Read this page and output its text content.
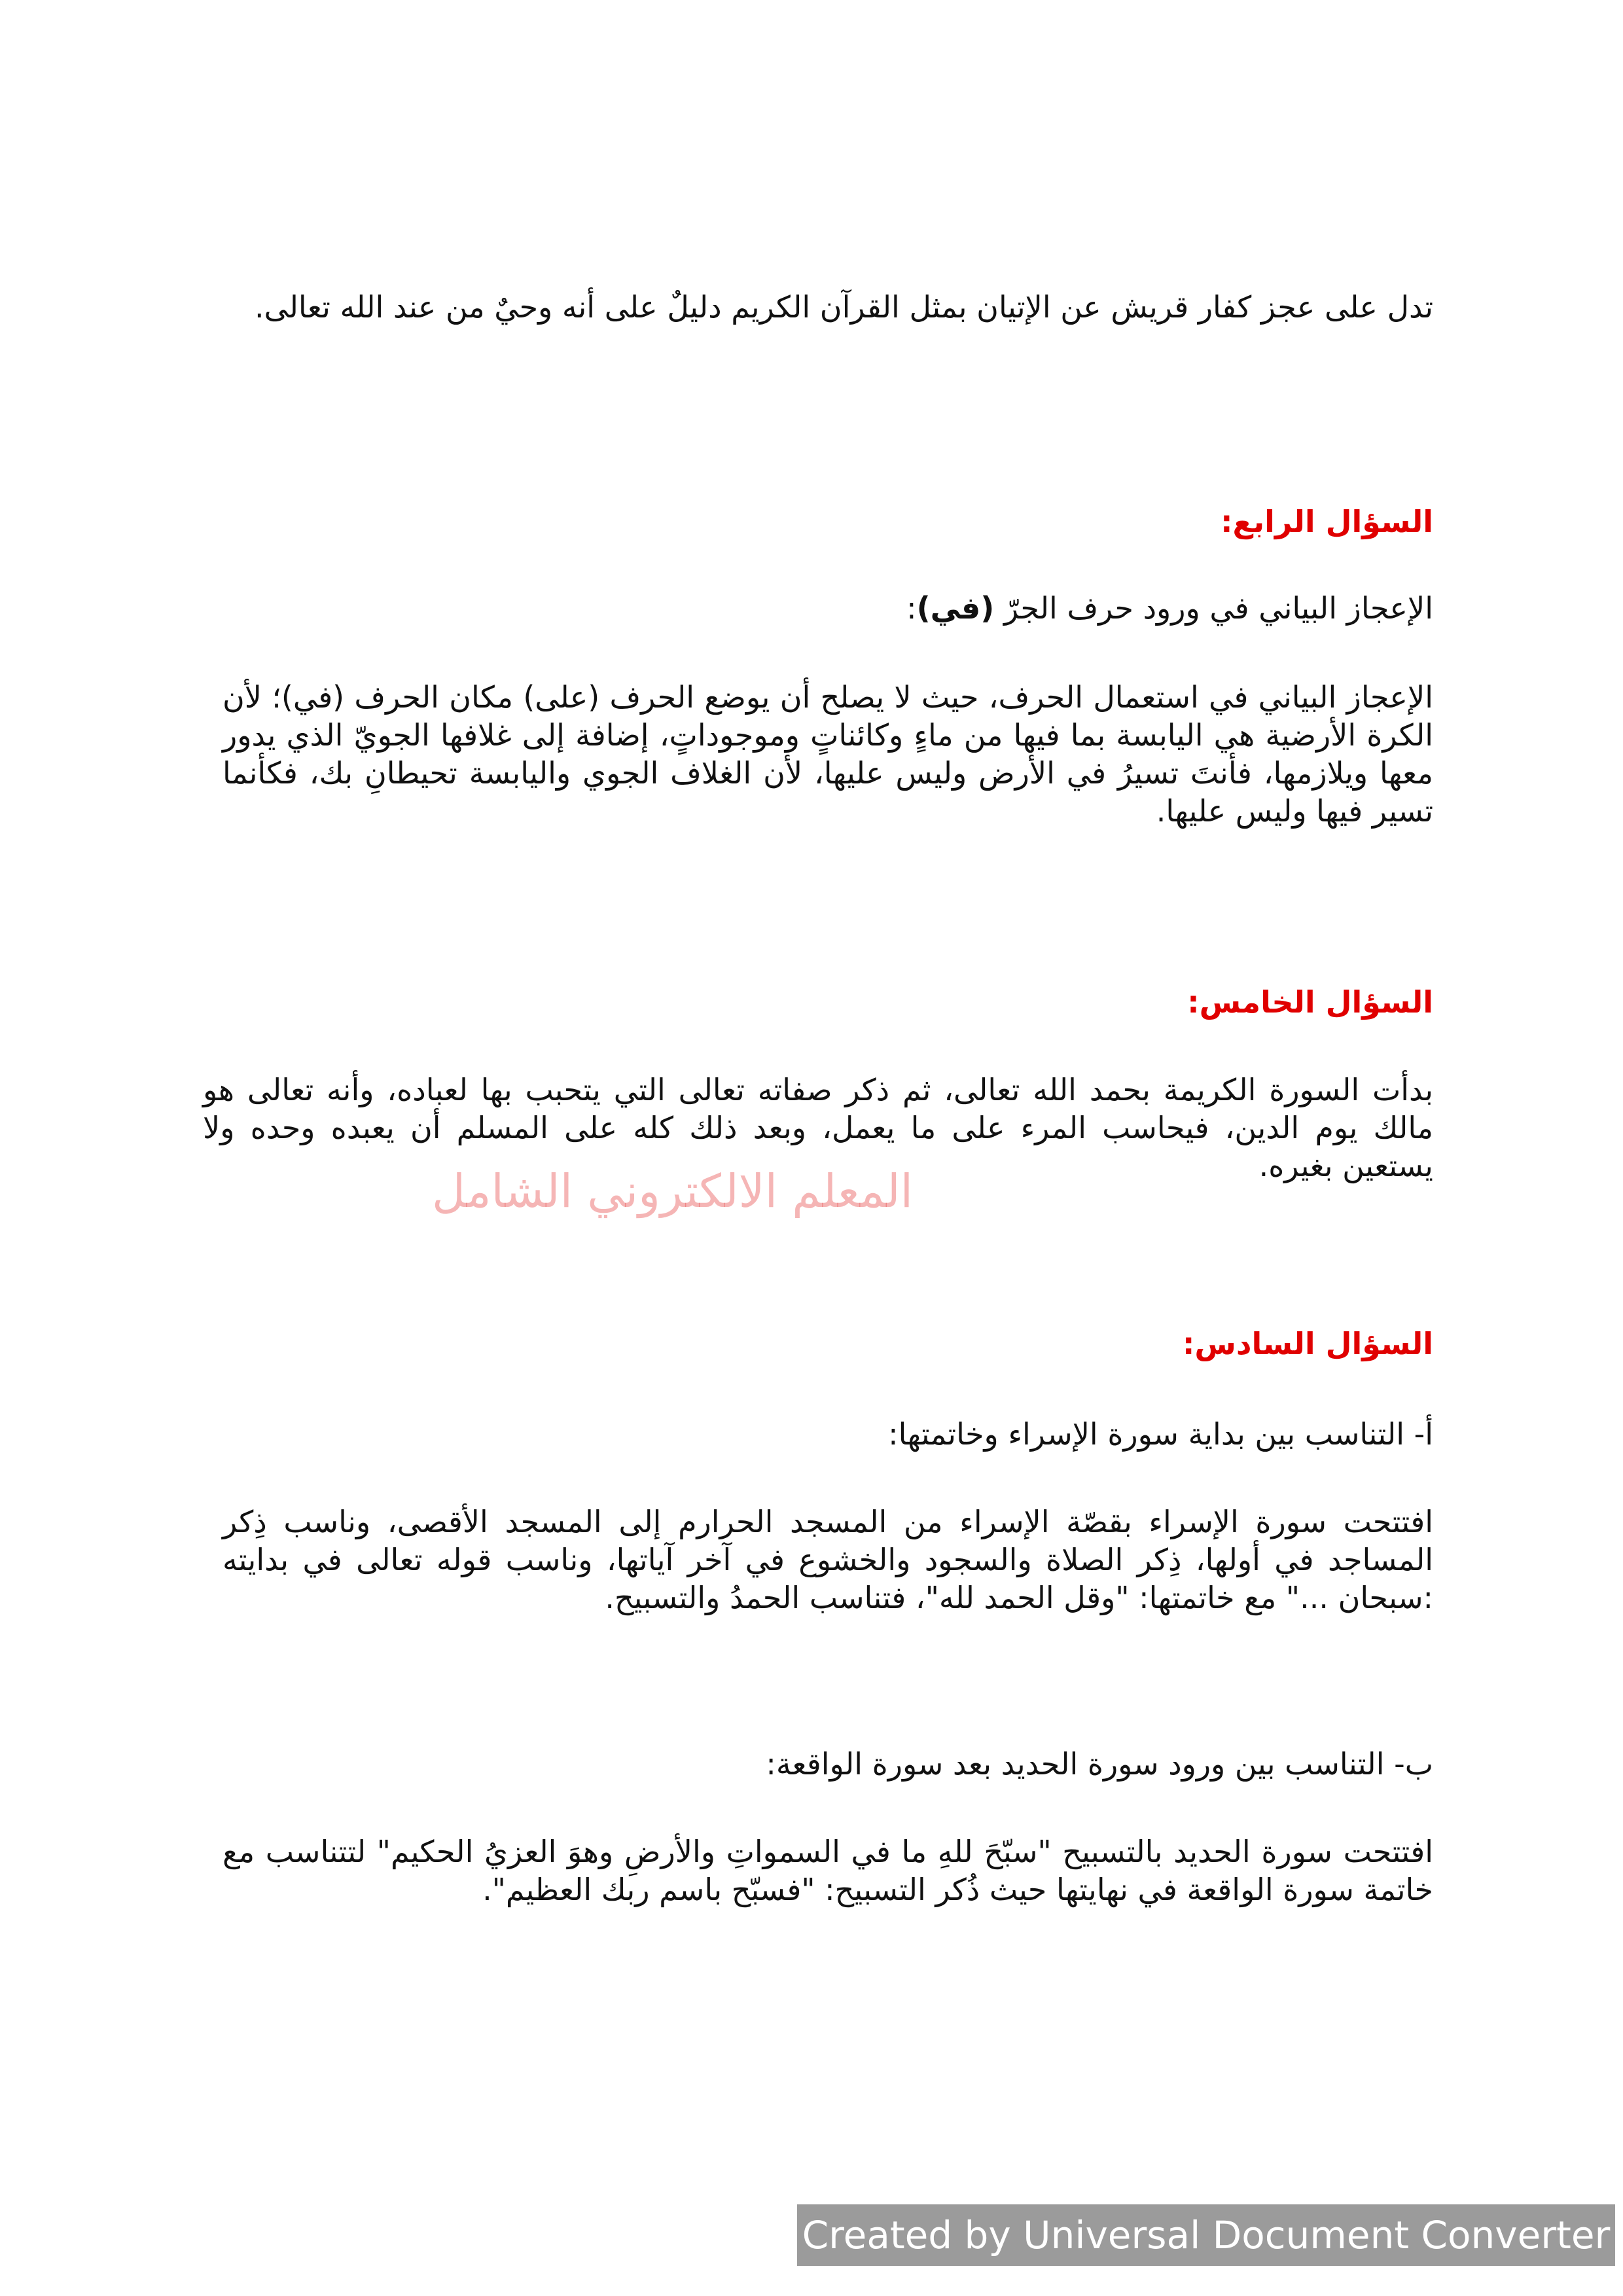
تدل على عجز كفار قريش عن الإتيان بمثل القرآن الكريم دليلٌ على أنه وحيٌ من عند الله تعالى.

السؤال الرابع:

الإعجاز البياني في ورود حرف الجرّ (في):

الإعجاز البياني في استعمال الحرف، حيث لا يصلح أن يوضع الحرف (على) مكان الحرف (في)؛ لأن الكرة الأرضية هي اليابسة بما فيها من ماءٍ وكائناتٍ وموجوداتٍ، إضافة إلى غلافها الجويّ الذي يدور معها ويلازمها، فأنتَ تسيرُ في الأرض وليس عليها، لأن الغلاف الجوي واليابسة تحيطانِ بك، فكأنما تسير فيها وليس عليها.

السؤال الخامس:

بدأت السورة الكريمة بحمد الله تعالى، ثم ذكر صفاته تعالى التي يتحبب بها لعباده، وأنه تعالى هو مالك يوم الدين، فيحاسب المرء على ما يعمل، وبعد ذلك كله على المسلم أن يعبده وحده ولا يستعين بغيره.

السؤال السادس:

أ- التناسب بين بداية سورة الإسراء وخاتمتها:

افتتحت سورة الإسراء بقصّة الإسراء من المسجد الحرارم إلى المسجد الأقصى، وناسب ذِكر المساجد في أولها، ذِكر الصلاة والسجود والخشوع في آخر آياتها، وناسب قوله تعالى في بدايته :سبحان ..." مع خاتمتها: "وقل الحمد لله"، فتناسب الحمدُ والتسبيح.

ب- التناسب بين ورود سورة الحديد بعد سورة الواقعة:

افتتحت سورة الحديد بالتسبيح "سبّحَ للهِ ما في السمواتِ والأرضِ وهوَ العزيُ الحكيم" لتتناسب مع خاتمة سورة الواقعة في نهايتها حيث ذُكر التسبيح: "فسبّح باسم ربك العظيم".

المعلم الالكتروني الشامل
Created by Universal Document Converter
